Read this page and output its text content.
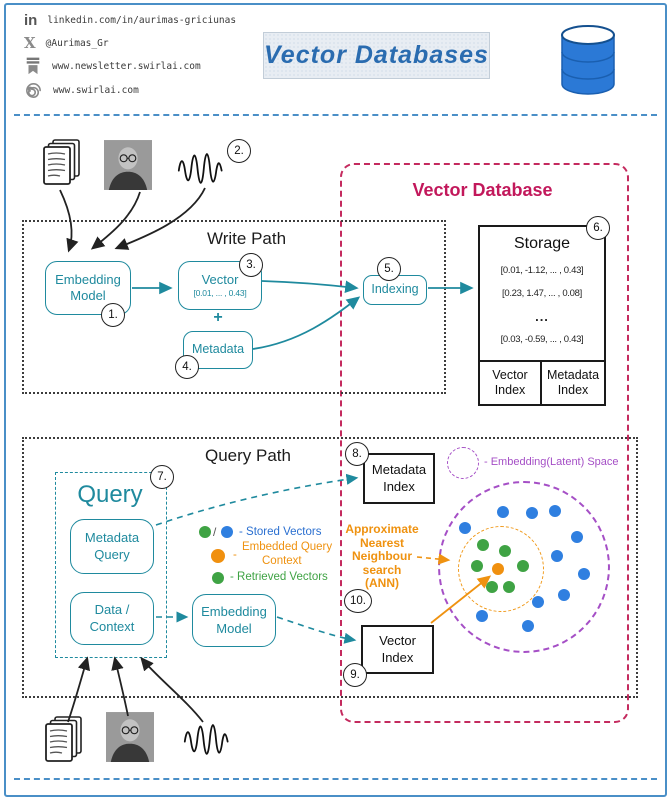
in linkedin.com/in/aurimas-griciunas
X @Aurimas_Gr
www.newsletter.swirlai.com
www.swirlai.com
Vector Databases
Write Path
Vector Database
Embedding Model
Vector
[0.01, ... , 0.43]
+
Metadata
Indexing
Storage
[0.01, -1.12, ... , 0.43]
[0.23, 1.47, ... , 0.08]
...
[0.03, -0.59, ... , 0.43]
Vector Index
Metadata Index
Query Path
Query
Metadata Query
Data / Context
Embedding Model
/ - Stored Vectors
-
Embedded Query
Context
- Retrieved Vectors
Metadata Index
Vector Index
- Embedding(Latent) Space
Approximate
Nearest
Neighbour
search
(ANN)
1.
2.
3.
4.
5.
6.
7.
8.
9.
10.
